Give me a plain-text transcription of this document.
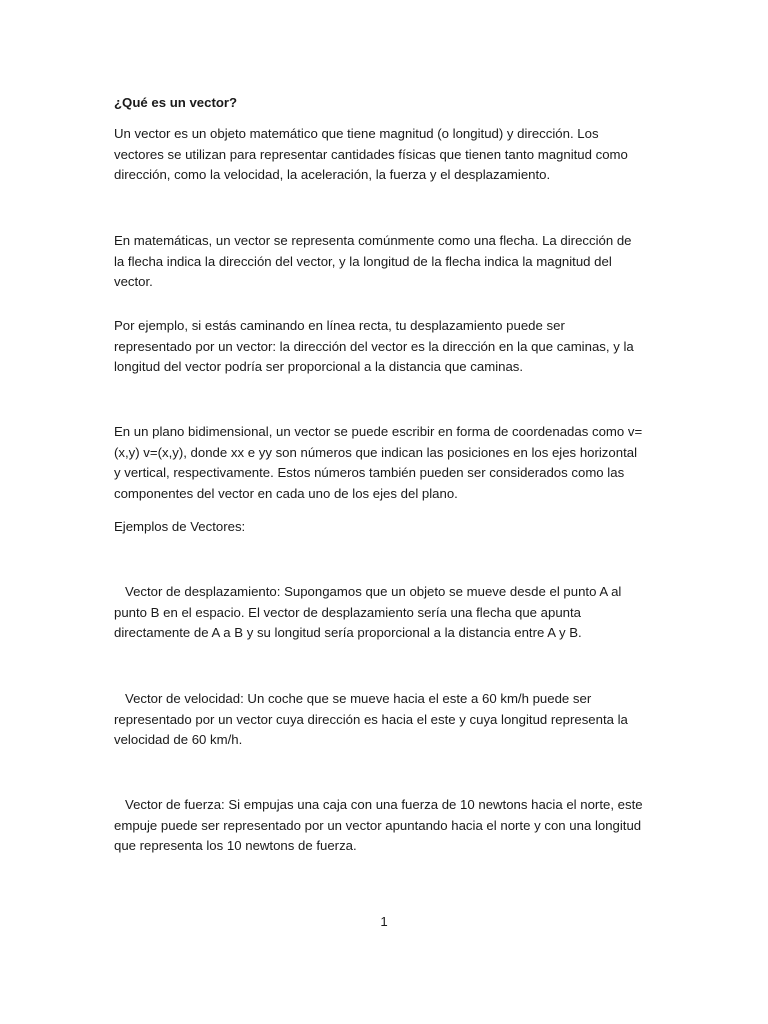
¿Qué es un vector?

Un vector es un objeto matemático que tiene magnitud (o longitud) y dirección. Los vectores se utilizan para representar cantidades físicas que tienen tanto magnitud como dirección, como la velocidad, la aceleración, la fuerza y el desplazamiento.

En matemáticas, un vector se representa comúnmente como una flecha. La dirección de la flecha indica la dirección del vector, y la longitud de la flecha indica la magnitud del vector.

Por ejemplo, si estás caminando en línea recta, tu desplazamiento puede ser representado por un vector: la dirección del vector es la dirección en la que caminas, y la longitud del vector podría ser proporcional a la distancia que caminas.

En un plano bidimensional, un vector se puede escribir en forma de coordenadas como v=(x,y) v=(x,y), donde xx e yy son números que indican las posiciones en los ejes horizontal y vertical, respectivamente. Estos números también pueden ser considerados como las componentes del vector en cada uno de los ejes del plano.

Ejemplos de Vectores:

Vector de desplazamiento: Supongamos que un objeto se mueve desde el punto A al punto B en el espacio. El vector de desplazamiento sería una flecha que apunta directamente de A a B y su longitud sería proporcional a la distancia entre A y B.

Vector de velocidad: Un coche que se mueve hacia el este a 60 km/h puede ser representado por un vector cuya dirección es hacia el este y cuya longitud representa la velocidad de 60 km/h.

Vector de fuerza: Si empujas una caja con una fuerza de 10 newtons hacia el norte, este empuje puede ser representado por un vector apuntando hacia el norte y con una longitud que representa los 10 newtons de fuerza.

1
